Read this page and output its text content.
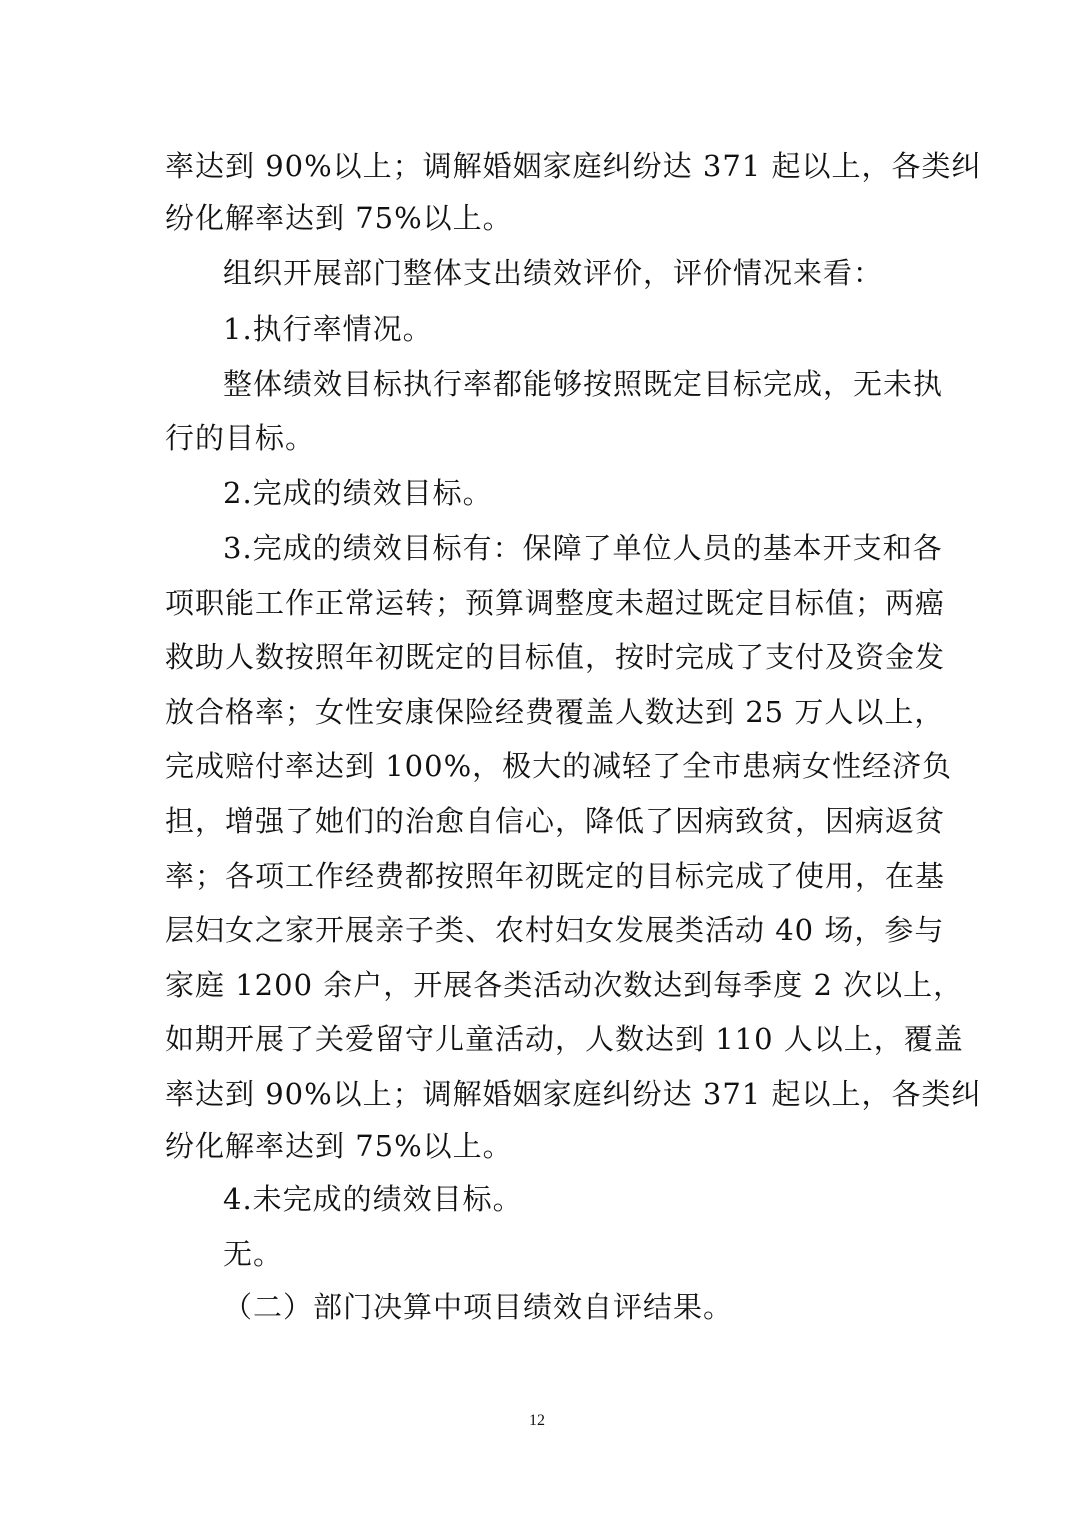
率达到 90%以上；调解婚姻家庭纠纷达 371 起以上，各类纠
纷化解率达到 75%以上。
组织开展部门整体支出绩效评价，评价情况来看：
1.执行率情况。
整体绩效目标执行率都能够按照既定目标完成，无未执
行的目标。
2.完成的绩效目标。
3.完成的绩效目标有：保障了单位人员的基本开支和各
项职能工作正常运转；预算调整度未超过既定目标值；两癌
救助人数按照年初既定的目标值，按时完成了支付及资金发
放合格率；女性安康保险经费覆盖人数达到 25 万人以上，
完成赔付率达到 100%，极大的减轻了全市患病女性经济负
担，增强了她们的治愈自信心，降低了因病致贫，因病返贫
率；各项工作经费都按照年初既定的目标完成了使用，在基
层妇女之家开展亲子类、农村妇女发展类活动 40 场，参与
家庭 1200 余户，开展各类活动次数达到每季度 2 次以上，
如期开展了关爱留守儿童活动，人数达到 110 人以上，覆盖
率达到 90%以上；调解婚姻家庭纠纷达 371 起以上，各类纠
纷化解率达到 75%以上。
4.未完成的绩效目标。
无。
（二）部门决算中项目绩效自评结果。
12
